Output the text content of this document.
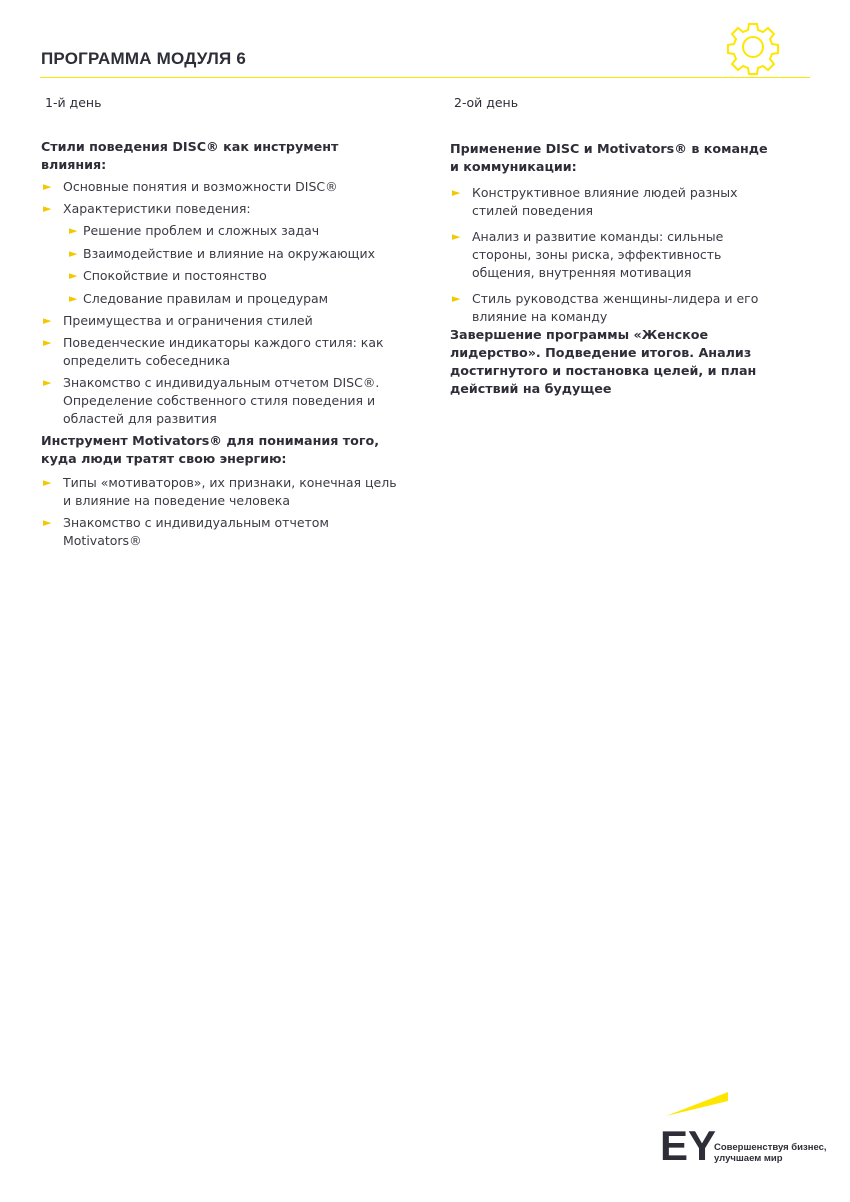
ПРОГРАММА МОДУЛЯ 6

1-й день

Стили поведения DISC® как инструмент влияния:

► Основные понятия и возможности DISC®
► Характеристики поведения:
► Решение проблем и сложных задач
► Взаимодействие и влияние на окружающих
► Спокойствие и постоянство
► Следование правилам и процедурам
► Преимущества и ограничения стилей
► Поведенческие индикаторы каждого стиля: как определить собеседника
► Знакомство с индивидуальным отчетом DISC®. Определение собственного стиля поведения и областей для развития

Инструмент Motivators® для понимания того, куда люди тратят свою энергию:

► Типы «мотиваторов», их признаки, конечная цель и влияние на поведение человека
► Знакомство с индивидуальным отчетом Motivators®

2-ой день

Применение DISC и Motivators® в команде и коммуникации:

► Конструктивное влияние людей разных стилей поведения
► Анализ и развитие команды: сильные стороны, зоны риска, эффективность общения, внутренняя мотивация
► Стиль руководства женщины-лидера и его влияние на команду

Завершение программы «Женское лидерство». Подведение итогов. Анализ достигнутого и постановка целей, и план действий на будущее

EY
Совершенствуя бизнес,
улучшаем мир
